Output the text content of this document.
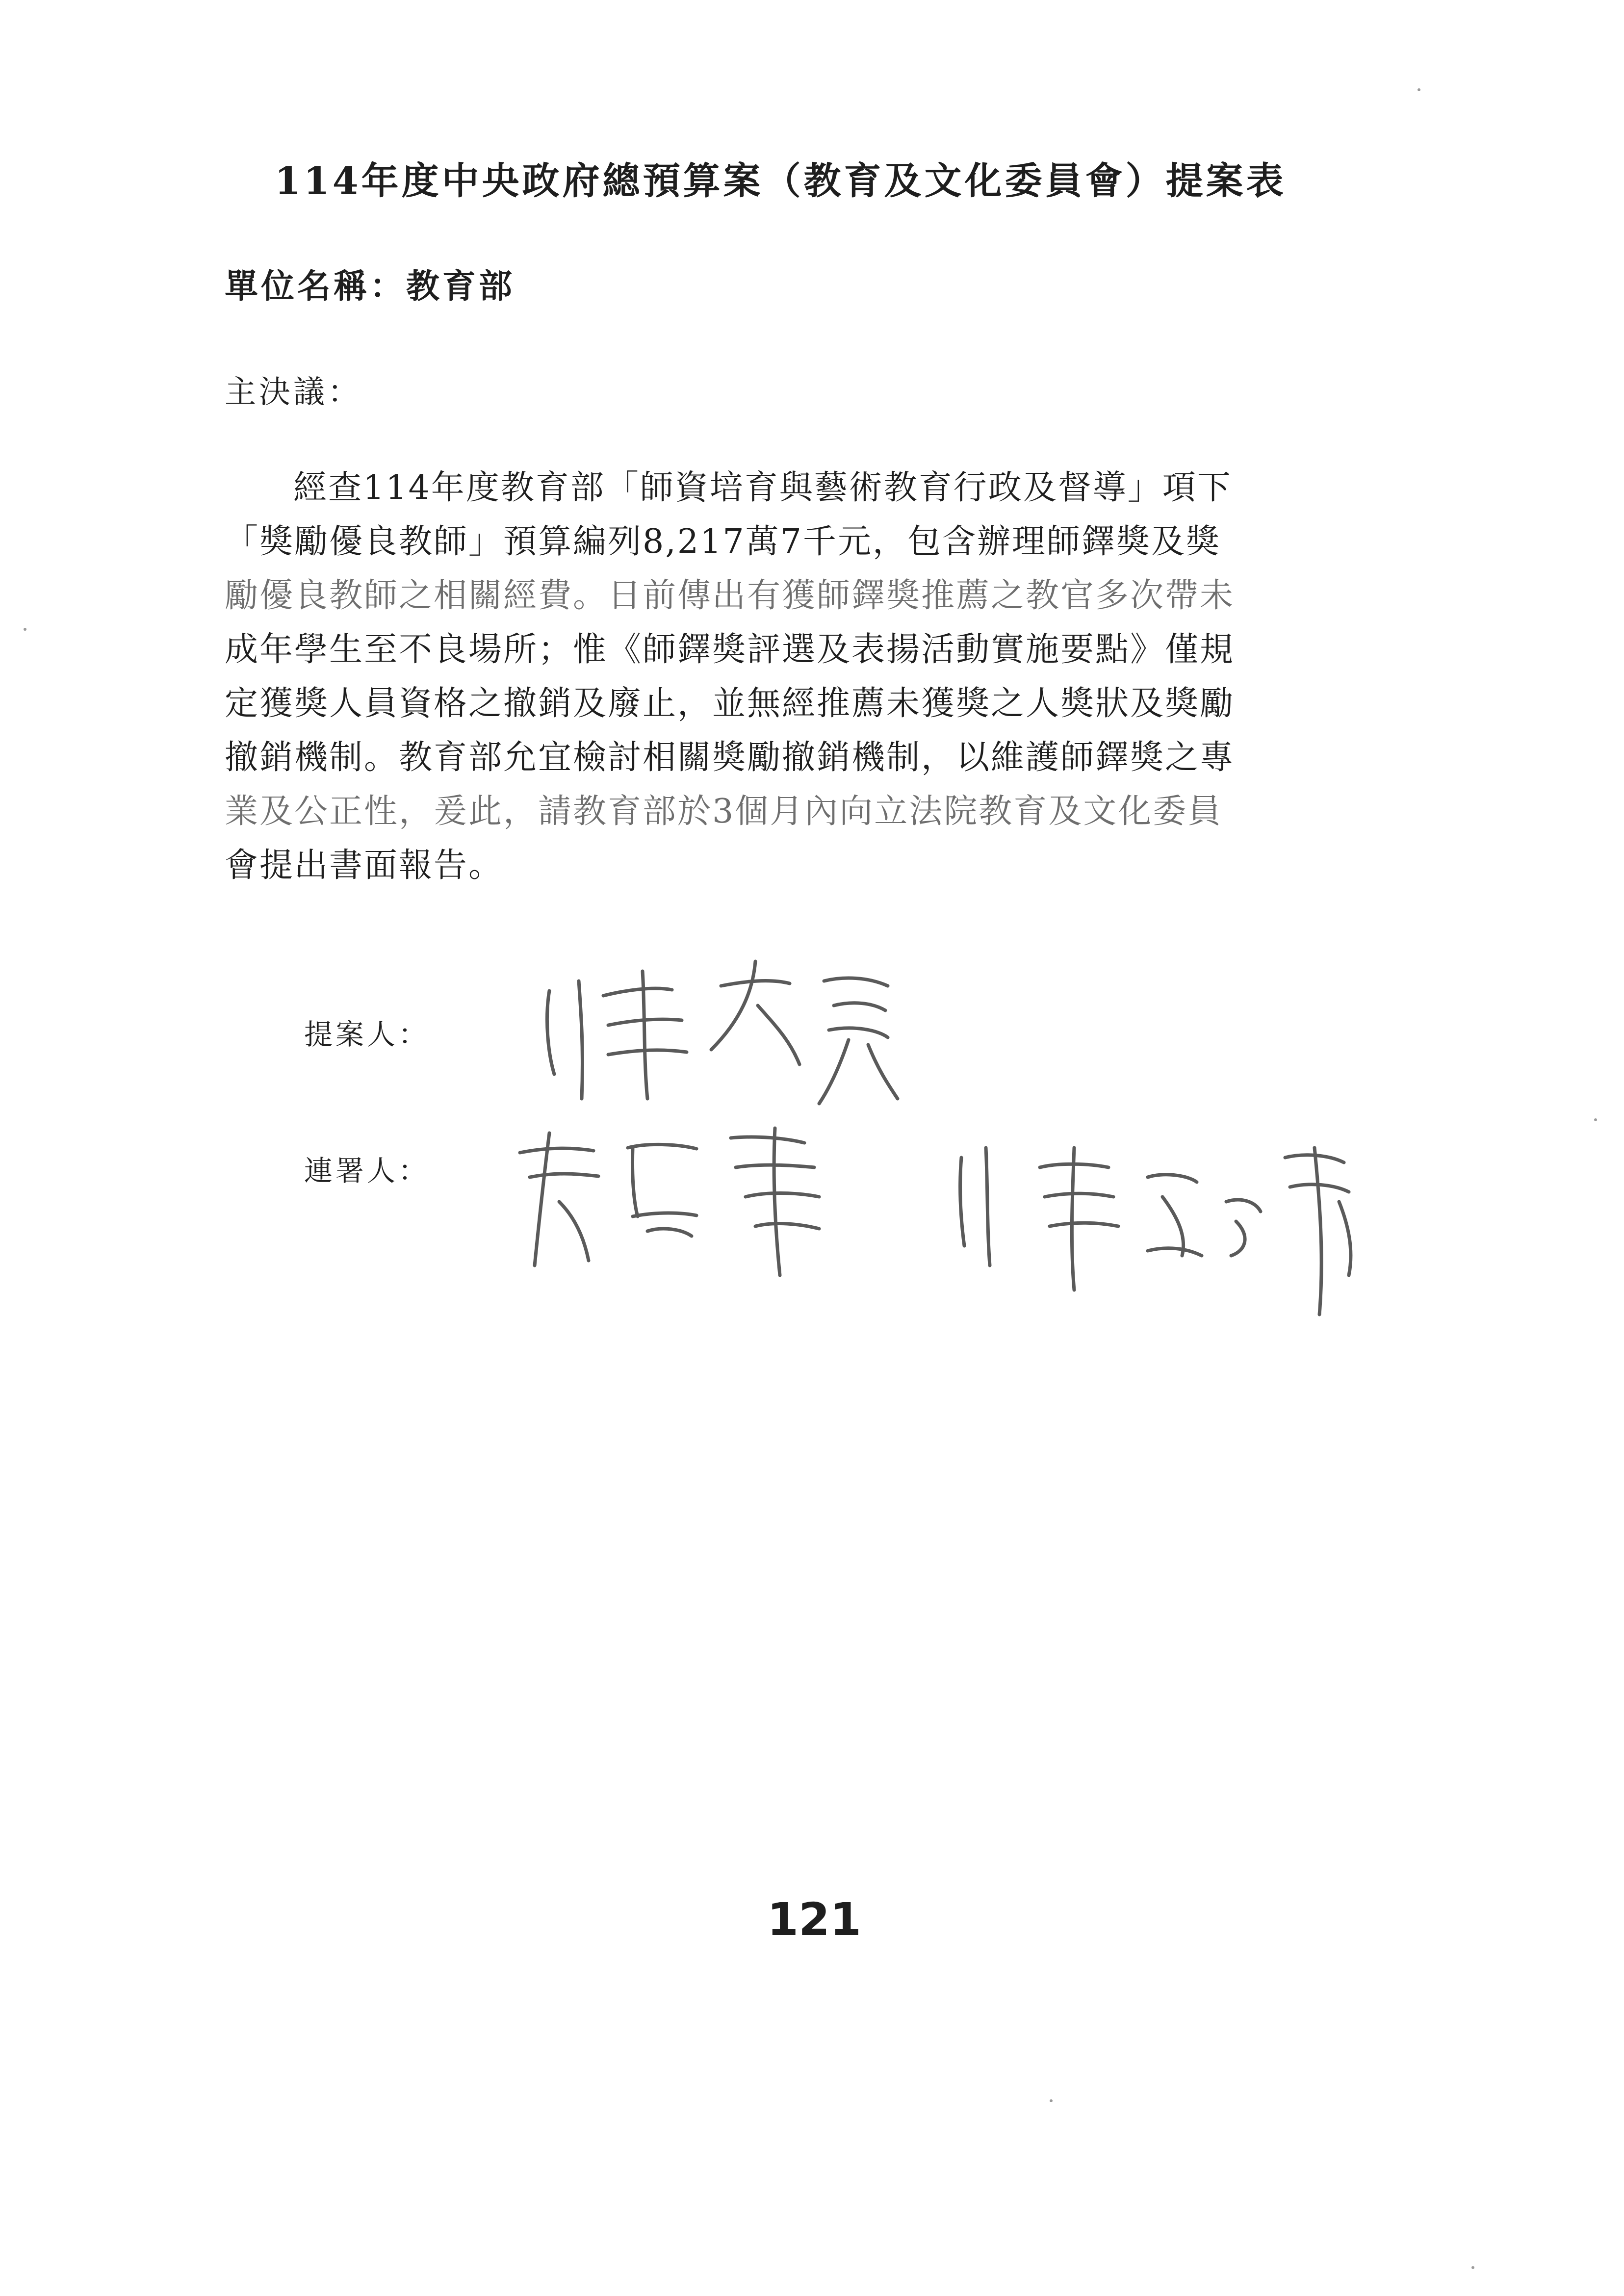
114年度中央政府總預算案（教育及文化委員會）提案表
單位名稱：教育部
主決議：
經查114年度教育部「師資培育與藝術教育行政及督導」項下
「獎勵優良教師」預算編列8,217萬7千元，包含辦理師鐸獎及獎
勵優良教師之相關經費。日前傳出有獲師鐸獎推薦之教官多次帶未
成年學生至不良場所；惟《師鐸獎評選及表揚活動實施要點》僅規
定獲獎人員資格之撤銷及廢止，並無經推薦未獲獎之人獎狀及獎勵
撤銷機制。教育部允宜檢討相關獎勵撤銷機制，以維護師鐸獎之專
業及公正性，爰此，請教育部於3個月內向立法院教育及文化委員
會提出書面報告。
提案人：
連署人：
121
